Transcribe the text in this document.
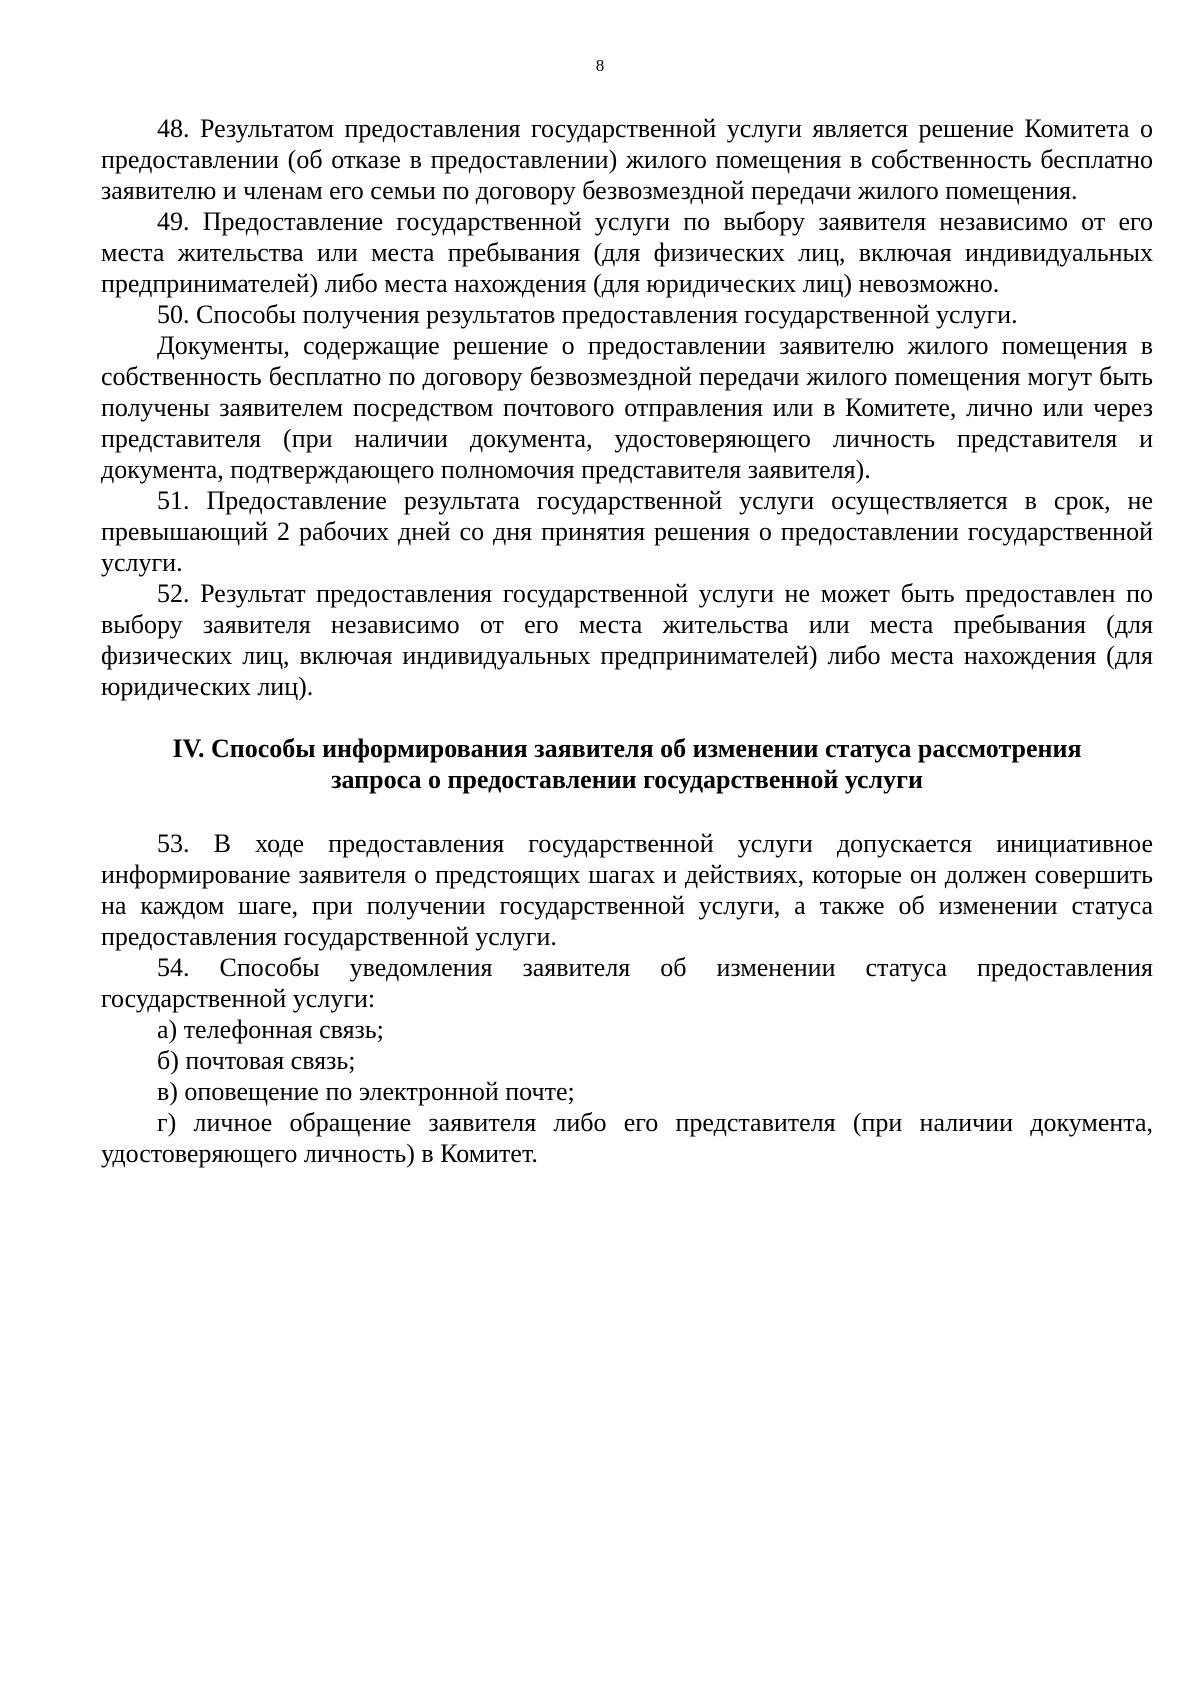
8

48. Результатом предоставления государственной услуги является решение Комитета о предоставлении (об отказе в предоставлении) жилого помещения в собственность бесплатно заявителю и членам его семьи по договору безвозмездной передачи жилого помещения.

49. Предоставление государственной услуги по выбору заявителя независимо от его места жительства или места пребывания (для физических лиц, включая индивидуальных предпринимателей) либо места нахождения (для юридических лиц) невозможно.

50. Способы получения результатов предоставления государственной услуги.

Документы, содержащие решение о предоставлении заявителю жилого помещения в собственность бесплатно по договору безвозмездной передачи жилого помещения могут быть получены заявителем посредством почтового отправления или в Комитете, лично или через представителя (при наличии документа, удостоверяющего личность представителя и документа, подтверждающего полномочия представителя заявителя).

51. Предоставление результата государственной услуги осуществляется в срок, не превышающий 2 рабочих дней со дня принятия решения о предоставлении государственной услуги.

52. Результат предоставления государственной услуги не может быть предоставлен по выбору заявителя независимо от его места жительства или места пребывания (для физических лиц, включая индивидуальных предпринимателей) либо места нахождения (для юридических лиц).

IV. Способы информирования заявителя об изменении статуса рассмотрения
запроса о предоставлении государственной услуги

53. В ходе предоставления государственной услуги допускается инициативное информирование заявителя о предстоящих шагах и действиях, которые он должен совершить на каждом шаге, при получении государственной услуги, а также об изменении статуса предоставления государственной услуги.

54. Способы уведомления заявителя об изменении статуса предоставления государственной услуги:

а) телефонная связь;

б) почтовая связь;

в) оповещение по электронной почте;

г) личное обращение заявителя либо его представителя (при наличии документа, удостоверяющего личность) в Комитет.
